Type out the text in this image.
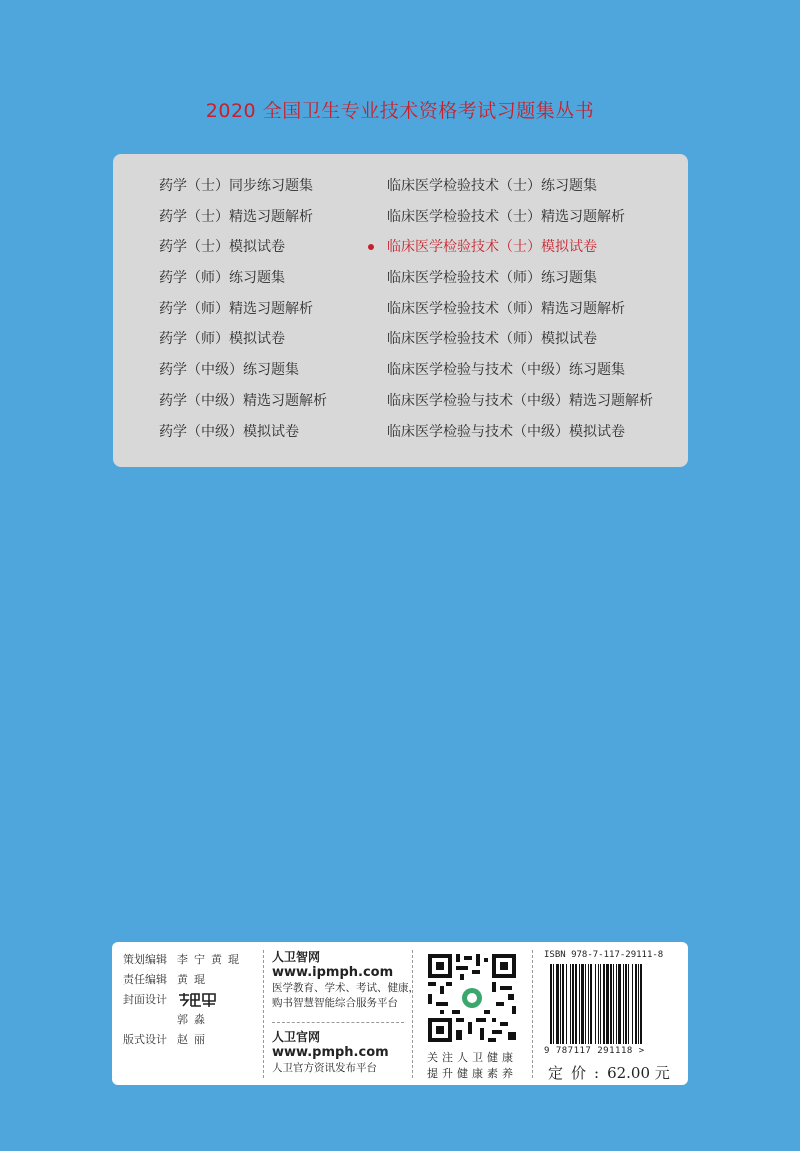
2020 全国卫生专业技术资格考试习题集丛书
药学（士）同步练习题集
药学（士）精选习题解析
药学（士）模拟试卷
药学（师）练习题集
药学（师）精选习题解析
药学（师）模拟试卷
药学（中级）练习题集
药学（中级）精选习题解析
药学（中级）模拟试卷
临床医学检验技术（士）练习题集
临床医学检验技术（士）精选习题解析
临床医学检验技术（士）模拟试卷
临床医学检验技术（师）练习题集
临床医学检验技术（师）精选习题解析
临床医学检验技术（师）模拟试卷
临床医学检验与技术（中级）练习题集
临床医学检验与技术（中级）精选习题解析
临床医学检验与技术（中级）模拟试卷
策划编辑 李宁黄琨
责任编辑 黄琨
封面设计
郭淼
版式设计 赵丽
人卫智网
www.ipmph.com
医学教育、学术、考试、健康，
购书智慧智能综合服务平台
人卫官网
www.pmph.com
人卫官方资讯发布平台
关注人卫健康
提升健康素养
ISBN 978-7-117-29111-8
9 787117 291118 >
定价:62.00 元
